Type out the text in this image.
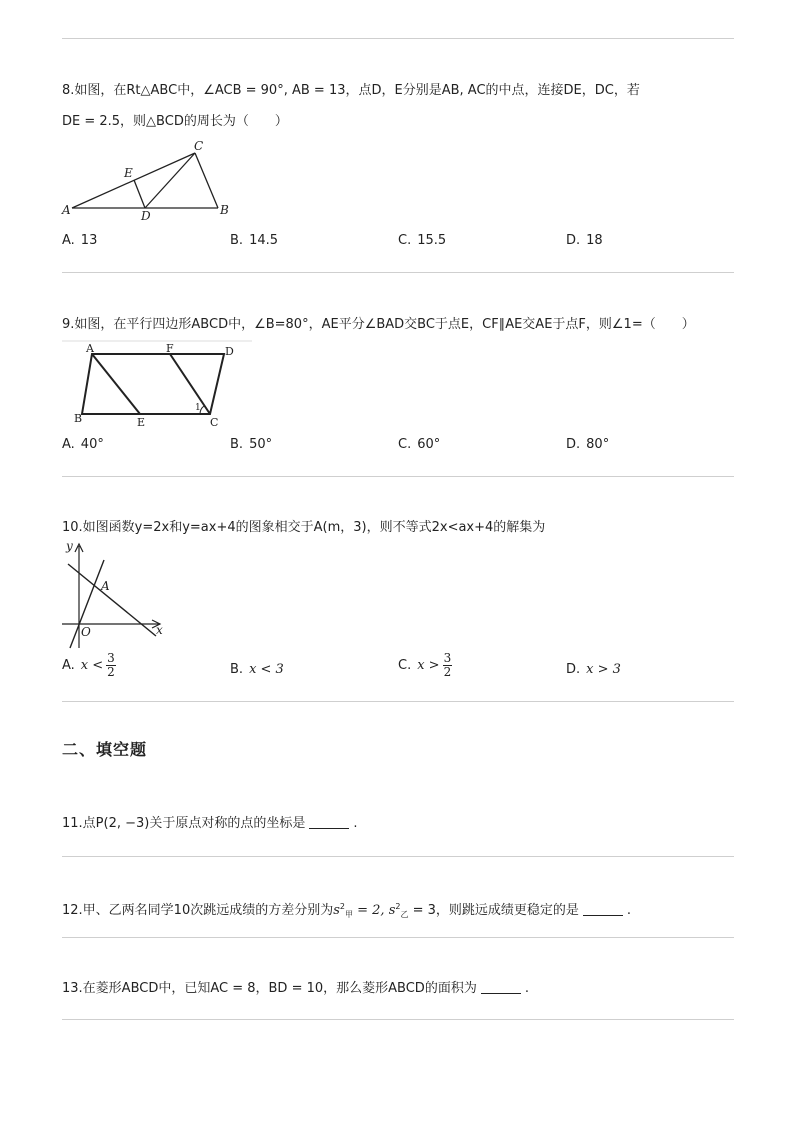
8.如图，在Rt△ABC中，∠ACB = 90°, AB = 13，点D，E分别是AB, AC的中点，连接DE，DC，若
DE = 2.5，则△BCD的周长为（　　）
A	B
C
D
E
A. 13	B. 14.5	C. 15.5	D. 18
9.如图，在平行四边形ABCD中，∠B=80°，AE平分∠BAD交BC于点E，CF∥AE交AE于点F，则∠1=（　　）
A	F	D
B	E	C
1
A. 40°	B. 50°	C. 60°	D. 80°
10.如图函数y=2x和y=ax+4的图象相交于A(m，3)，则不等式2x<ax+4的解集为
y
x
O
A
A. $x < \frac{3}{2}$	B. x < 3	C. $x > \frac{3}{2}$	D. x > 3
二、填空题
11.点P(2, −3)关于原点对称的点的坐标是	.
12.甲、乙两名同学10次跳远成绩的方差分别为$s^2_甲 = 2$, $s^2_乙 = 3$，则跳远成绩更稳定的是	.
13.在菱形ABCD中，已知AC = 8，BD = 10，那么菱形ABCD的面积为	.
